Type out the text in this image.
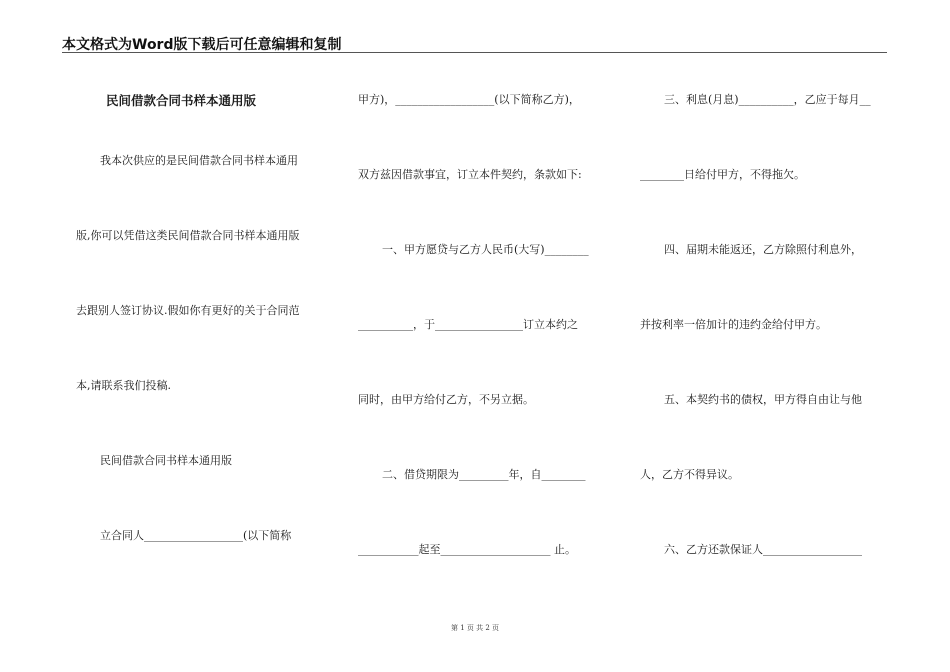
本文格式为Word版下载后可任意编辑和复制
民间借款合同书样本通用版
我本次供应的是民间借款合同书样本通用
版,你可以凭借这类民间借款合同书样本通用版
去跟别人签订协议.假如你有更好的关于合同范
本,请联系我们投稿.
民间借款合同书样本通用版
立合同人__________________(以下简称
甲方)，__________________(以下简称乙方)，
双方兹因借款事宜，订立本件契约，条款如下:
一、甲方愿贷与乙方人民币(大写)________
__________，于________________订立本约之
同时，由甲方给付乙方，不另立据。
二、借贷期限为_________年，自________
___________起至____________________ 止。
三、利息(月息)__________，乙应于每月__
________日给付甲方，不得拖欠。
四、届期未能返还，乙方除照付利息外，
并按利率一倍加计的违约金给付甲方。
五、本契约书的债权，甲方得自由让与他
人，乙方不得异议。
六、乙方还款保证人__________________
第 1 页 共 2 页
